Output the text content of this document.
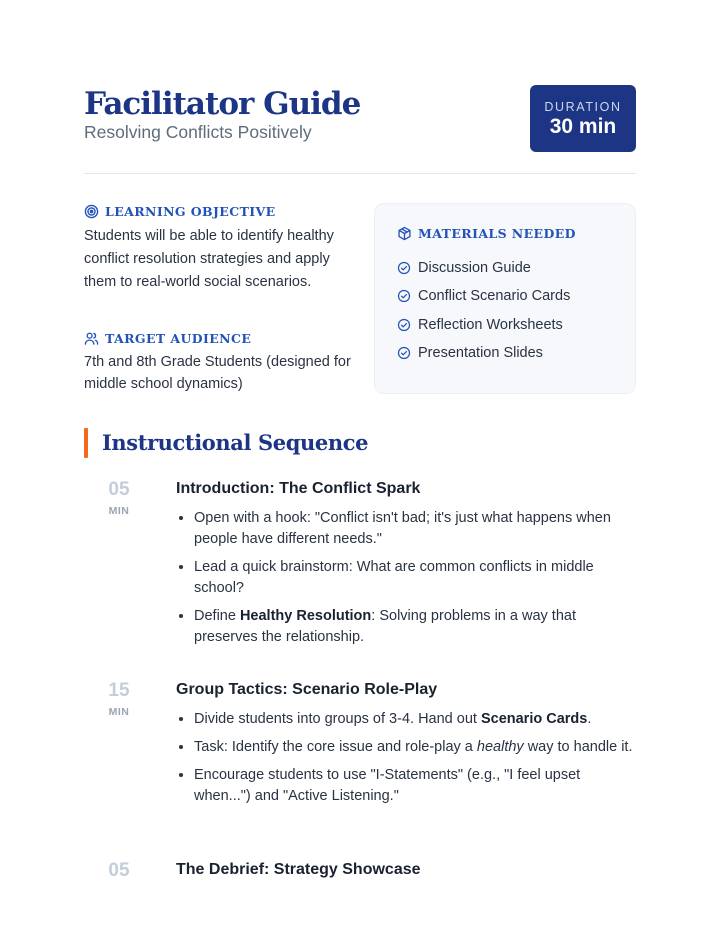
Facilitator Guide
Resolving Conflicts Positively
DURATION
30 min
LEARNING OBJECTIVE

Students will be able to identify healthy conflict resolution strategies and apply them to real-world social scenarios.

TARGET AUDIENCE

7th and 8th Grade Students (designed for middle school dynamics)

MATERIALS NEEDED
Discussion Guide
Conflict Scenario Cards
Reflection Worksheets
Presentation Slides
Instructional Sequence
05
MIN
Introduction: The Conflict Spark
• Open with a hook: "Conflict isn't bad; it's just what happens when people have different needs."
• Lead a quick brainstorm: What are common conflicts in middle school?
• Define Healthy Resolution: Solving problems in a way that preserves the relationship.
15
MIN
Group Tactics: Scenario Role-Play
• Divide students into groups of 3-4. Hand out Scenario Cards.
• Task: Identify the core issue and role-play a healthy way to handle it.
• Encourage students to use "I-Statements" (e.g., "I feel upset when...") and "Active Listening."
05	The Debrief: Strategy Showcase
